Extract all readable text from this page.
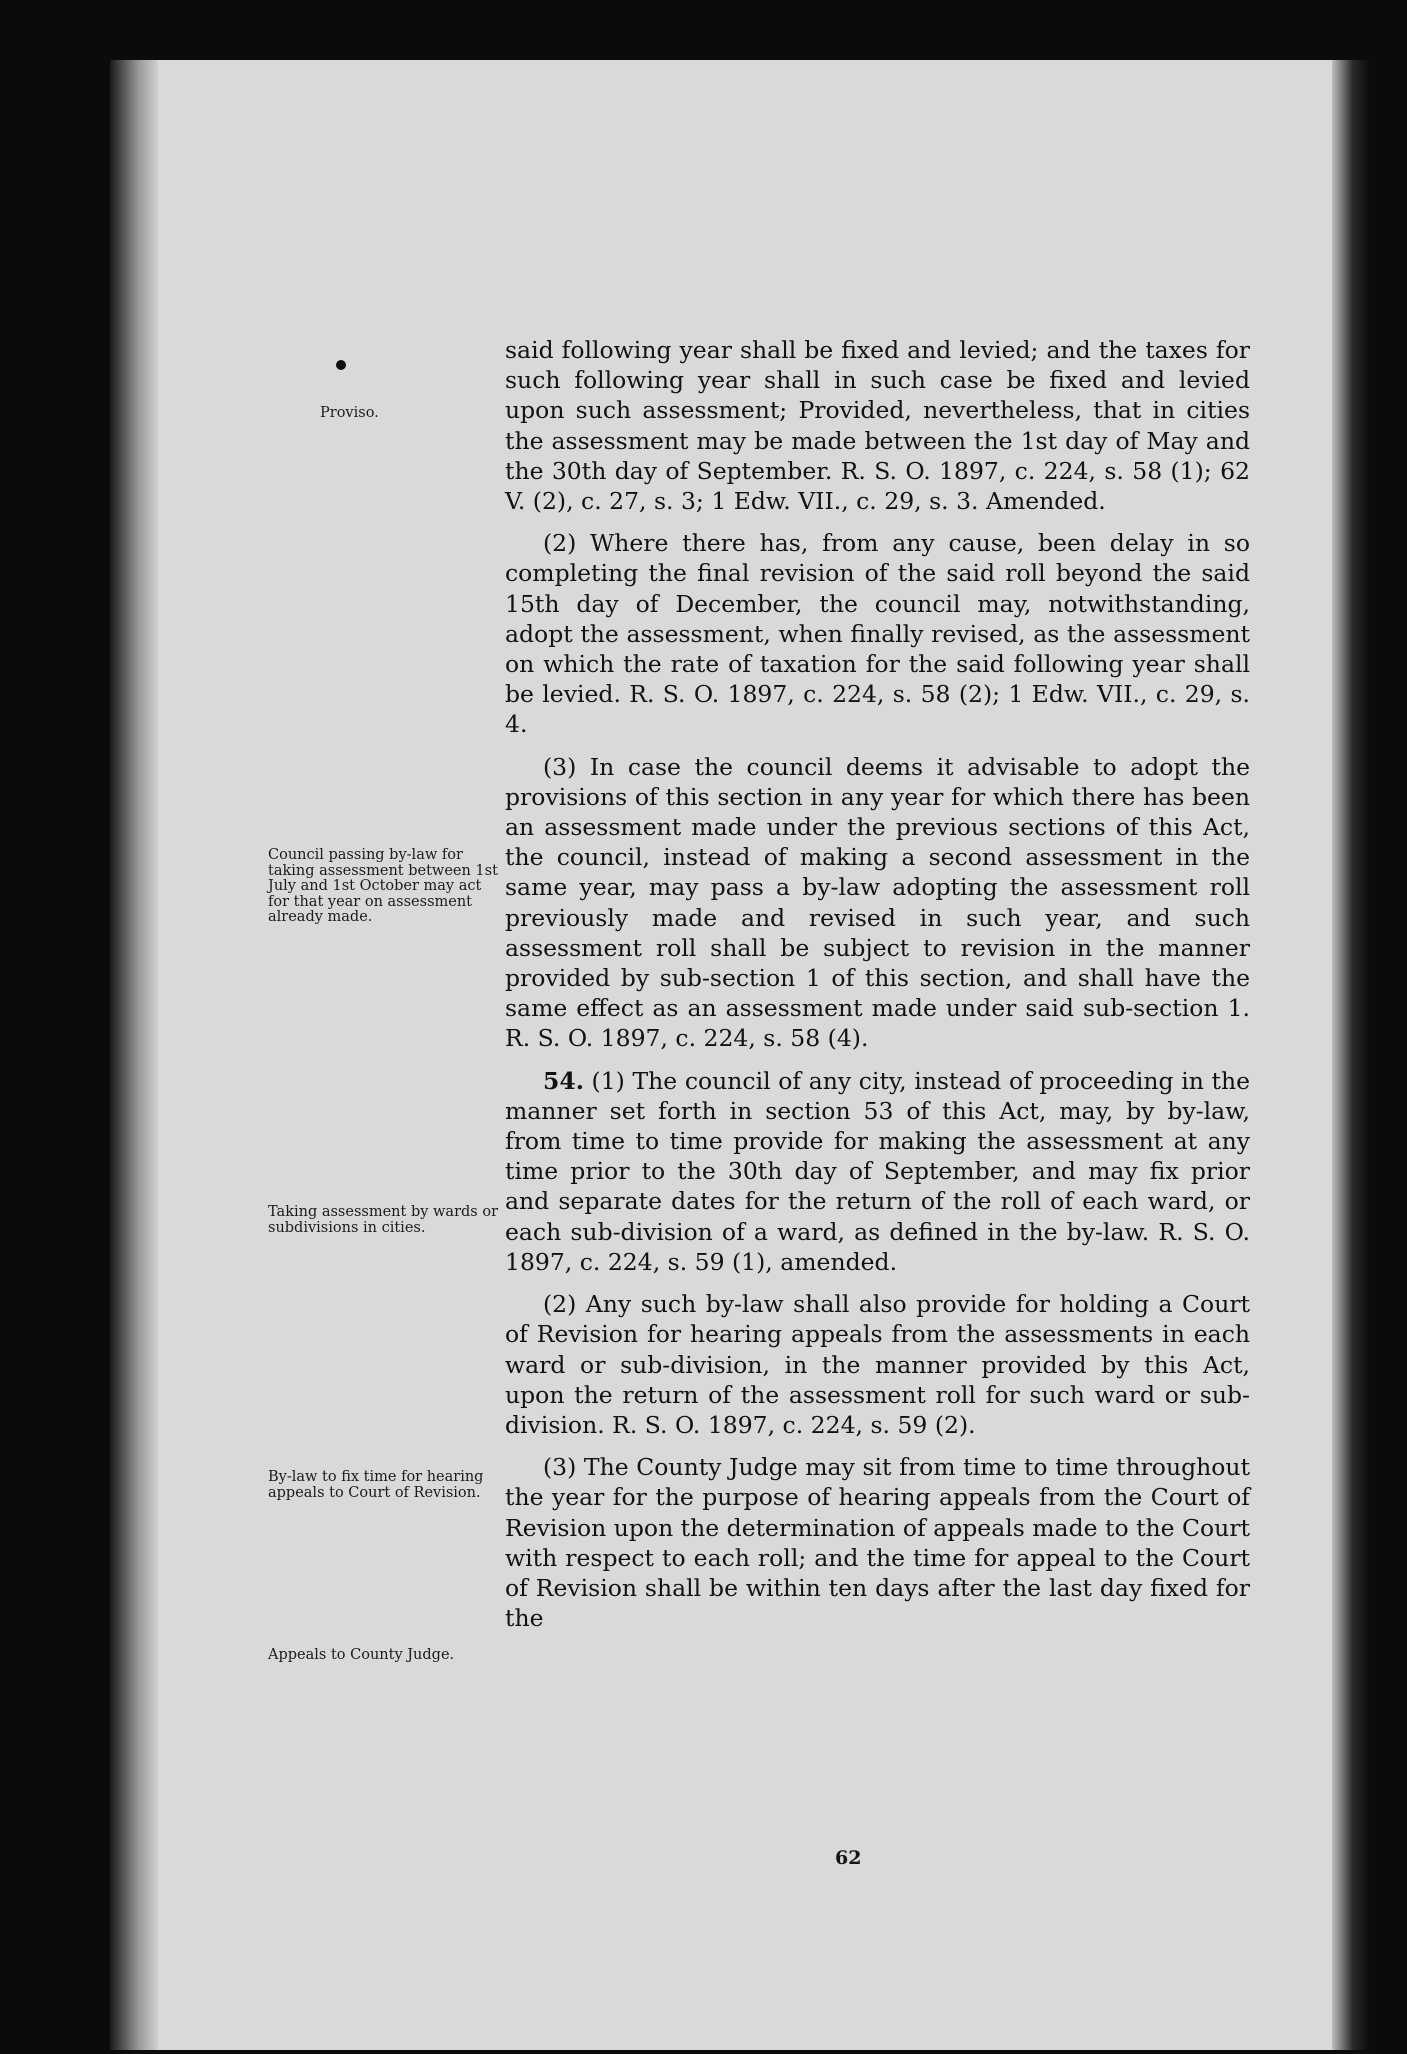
Proviso.
Council passing by-law for taking assessment between 1st July and 1st October may act for that year on assessment already made.
Taking assessment by wards or subdivisions in cities.
By-law to fix time for hearing appeals to Court of Revision.
Appeals to County Judge.

said following year shall be fixed and levied; and the taxes for such following year shall in such case be fixed and levied upon such assessment; Provided, nevertheless, that in cities the assessment may be made between the 1st day of May and the 30th day of September. R. S. O. 1897, c. 224, s. 58 (1); 62 V. (2), c. 27, s. 3; 1 Edw. VII., c. 29, s. 3. Amended.

(2) Where there has, from any cause, been delay in so completing the final revision of the said roll beyond the said 15th day of December, the council may, notwithstanding, adopt the assessment, when finally revised, as the assessment on which the rate of taxation for the said following year shall be levied. R. S. O. 1897, c. 224, s. 58 (2); 1 Edw. VII., c. 29, s. 4.

(3) In case the council deems it advisable to adopt the provisions of this section in any year for which there has been an assessment made under the previous sections of this Act, the council, instead of making a second assessment in the same year, may pass a by-law adopting the assessment roll previously made and revised in such year, and such assessment roll shall be subject to revision in the manner provided by sub-section 1 of this section, and shall have the same effect as an assessment made under said sub-section 1. R. S. O. 1897, c. 224, s. 58 (4).

54. (1) The council of any city, instead of proceeding in the manner set forth in section 53 of this Act, may, by by-law, from time to time provide for making the assessment at any time prior to the 30th day of September, and may fix prior and separate dates for the return of the roll of each ward, or each sub-division of a ward, as defined in the by-law. R. S. O. 1897, c. 224, s. 59 (1), amended.

(2) Any such by-law shall also provide for holding a Court of Revision for hearing appeals from the assessments in each ward or sub-division, in the manner provided by this Act, upon the return of the assessment roll for such ward or sub-division. R. S. O. 1897, c. 224, s. 59 (2).

(3) The County Judge may sit from time to time throughout the year for the purpose of hearing appeals from the Court of Revision upon the determination of appeals made to the Court with respect to each roll; and the time for appeal to the Court of Revision shall be within ten days after the last day fixed for the

62
